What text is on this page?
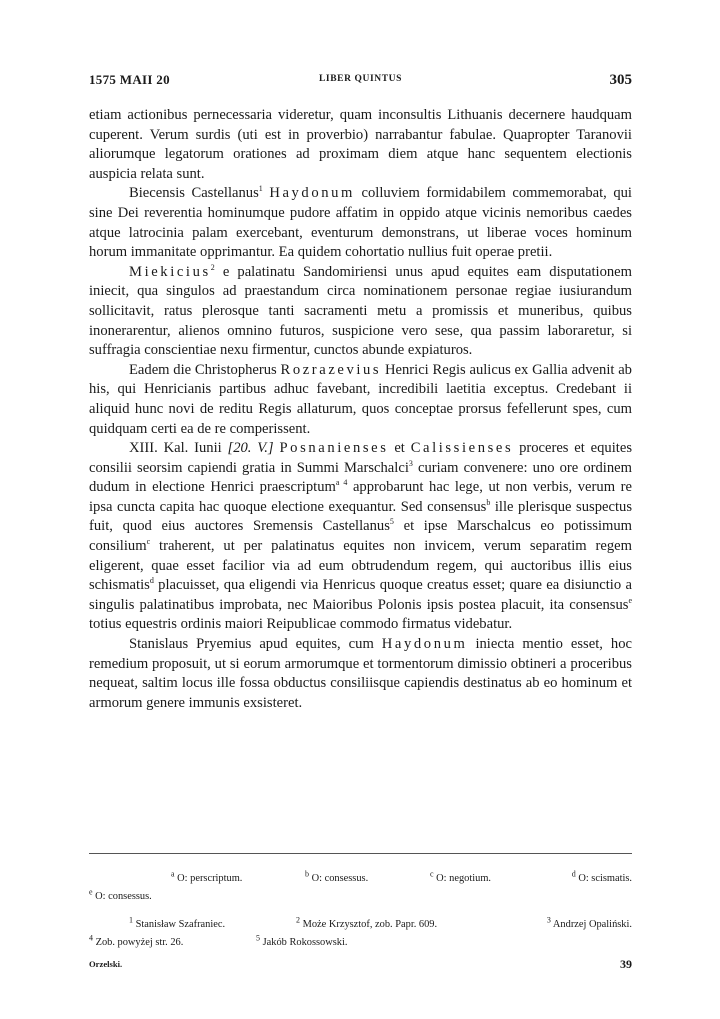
1575 MAII 20	LIBER QUINTUS	305

etiam actionibus pernecessaria videretur, quam inconsultis Lithuanis decernere haudquam cuperent. Verum surdis (uti est in proverbio) narrabantur fabulae. Quapropter Taranovii aliorumque legatorum orationes ad proximam diem atque hanc sequentem electionis auspicia relata sunt.

Biecensis Castellanus$^1$ Haydonum colluviem formidabilem commemorabat, qui sine Dei reverentia hominumque pudore affatim in oppido atque vicinis nemoribus caedes atque latrocinia palam exercebant, eventurum demonstrans, ut liberae voces hominum horum immanitate opprimantur. Ea quidem cohortatio nullius fuit operae pretii.

Miekicius$^2$ e palatinatu Sandomiriensi unus apud equites eam disputationem iniecit, qua singulos ad praestandum circa nominationem personae regiae iusiurandum sollicitavit, ratus plerosque tanti sacramenti metu a promissis et muneribus, quibus inonerarentur, alienos omnino futuros, suspicione vero sese, qua passim laboraretur, si suffragia conscientiae nexu firmentur, cunctos abunde expiaturos.

Eadem die Christopherus Rozrazevius Henrici Regis aulicus ex Gallia advenit ab his, qui Henricianis partibus adhuc favebant, incredibili laetitia exceptus. Credebant ii aliquid hunc novi de reditu Regis allaturum, quos conceptae prorsus fefellerunt spes, cum quidquam certi ea de re comperissent.

XIII. Kal. Iunii [20. V.] Posnanienses et Calissienses proceres et equites consilii seorsim capiendi gratia in Summi Marschalci$^3$ curiam convenere: uno ore ordinem dudum in electione Henrici praescriptum$^{a 4}$ approbarunt hac lege, ut non verbis, verum re ipsa cuncta capita hac quoque electione exequantur. Sed consensus$^b$ ille plerisque suspectus fuit, quod eius auctores Sremensis Castellanus$^5$ et ipse Marschalcus eo potissimum consilium$^c$ traherent, ut per palatinatus equites non invicem, verum separatim regem eligerent, quae esset facilior via ad eum obtrudendum regem, qui auctoribus illis eius schismatis$^d$ placuisset, qua eligendi via Henricus quoque creatus esset; quare ea disiunctio a singulis palatinatibus improbata, nec Maioribus Polonis ipsis postea placuit, ita consensus$^e$ totius equestris ordinis maiori Reipublicae commodo firmatus videbatur.

Stanislaus Pryemius apud equites, cum Haydonum iniecta mentio esset, hoc remedium proposuit, ut si eorum armorumque et tormentorum dimissio obtineri a proceribus nequeat, saltim locus ille fossa obductus consiliisque capiendis destinatus ab eo hominum et armorum genere immunis exsisteret.

$^a$ O: perscriptum.	$^b$ O: consessus.	$^c$ O: negotium.	$^d$ O: scismatis.
$^e$ O: consessus.
$^1$ Stanisław Szafraniec.	$^2$ Może Krzysztof, zob. Papr. 609.	$^3$ Andrzej Opaliński.
$^4$ Zob. powyżej str. 26.	$^5$ Jakób Rokossowski.
Orzelski.	39
